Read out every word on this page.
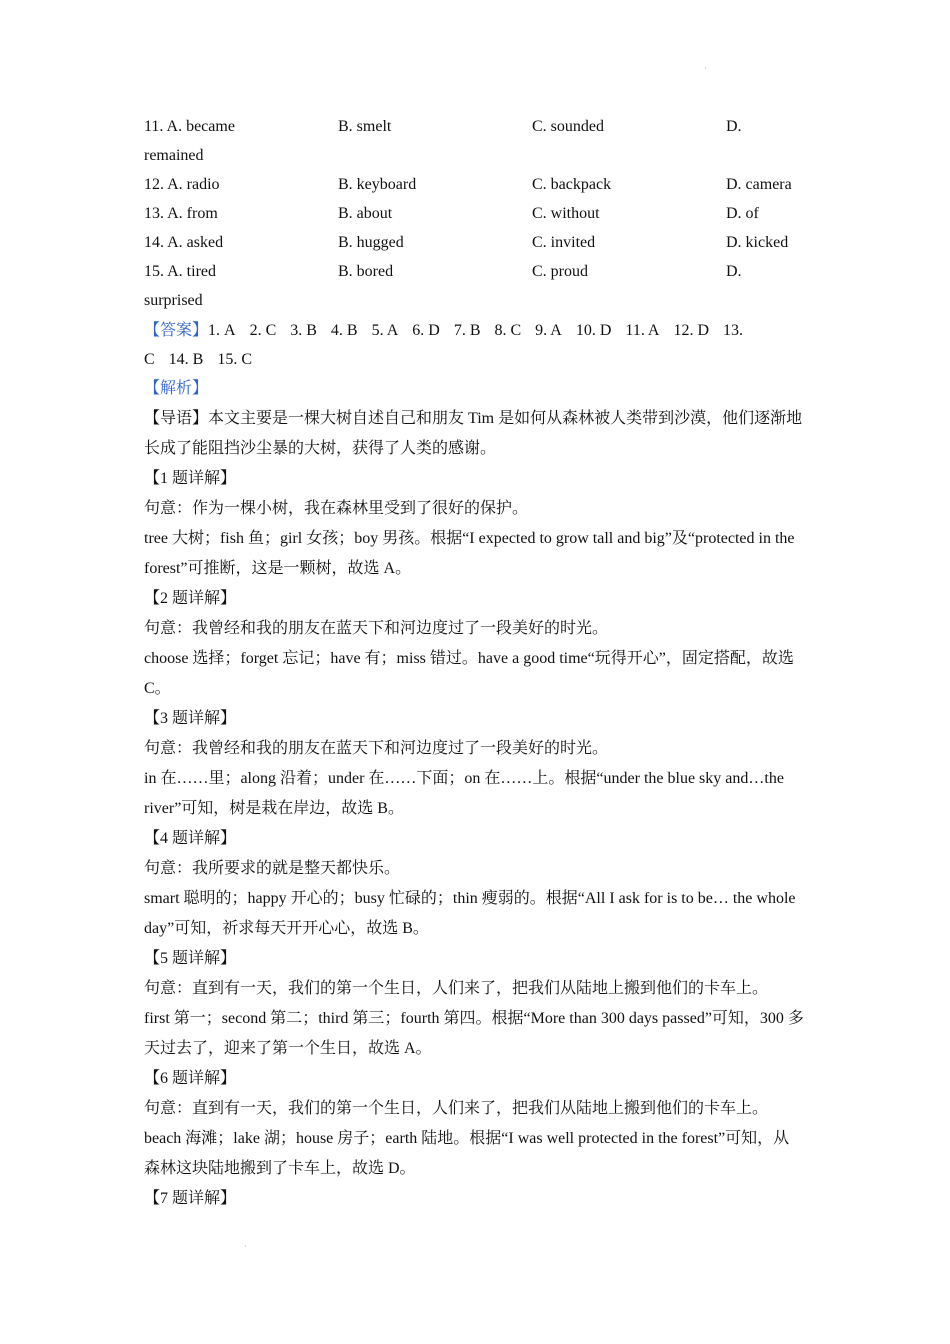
·
11. A. became	B. smelt	C. sounded	D.
remained
12. A. radio	B. keyboard	C. backpack	D. camera
13. A. from	B. about	C. without	D. of
14. A. asked	B. hugged	C. invited	D. kicked
15. A. tired	B. bored	C. proud	D.
surprised
【答案】1. A 2. C 3. B 4. B 5. A 6. D 7. B 8. C 9. A 10. D 11. A 12. D 13.
C 14. B 15. C
【解析】
【导语】本文主要是一棵大树自述自己和朋友 Tim 是如何从森林被人类带到沙漠，他们逐渐地长成了能阻挡沙尘暴的大树，获得了人类的感谢。
【1 题详解】
句意：作为一棵小树，我在森林里受到了很好的保护。
tree 大树；fish 鱼；girl 女孩；boy 男孩。根据“I expected to grow tall and big”及“protected in the forest”可推断，这是一颗树，故选 A。
【2 题详解】
句意：我曾经和我的朋友在蓝天下和河边度过了一段美好的时光。
choose 选择；forget 忘记；have 有；miss 错过。have a good time“玩得开心”，固定搭配，故选 C。
【3 题详解】
句意：我曾经和我的朋友在蓝天下和河边度过了一段美好的时光。
in 在……里；along 沿着；under 在……下面；on 在……上。根据“under the blue sky and…the river”可知，树是栽在岸边，故选 B。
【4 题详解】
句意：我所要求的就是整天都快乐。
smart 聪明的；happy 开心的；busy 忙碌的；thin 瘦弱的。根据“All I ask for is to be… the whole day”可知，祈求每天开开心心，故选 B。
【5 题详解】
句意：直到有一天，我们的第一个生日，人们来了，把我们从陆地上搬到他们的卡车上。
first 第一；second 第二；third 第三；fourth 第四。根据“More than 300 days passed”可知，300 多天过去了，迎来了第一个生日，故选 A。
【6 题详解】
句意：直到有一天，我们的第一个生日，人们来了，把我们从陆地上搬到他们的卡车上。
beach 海滩；lake 湖；house 房子；earth 陆地。根据“I was well protected in the forest”可知，从森林这块陆地搬到了卡车上，故选 D。
【7 题详解】
·
